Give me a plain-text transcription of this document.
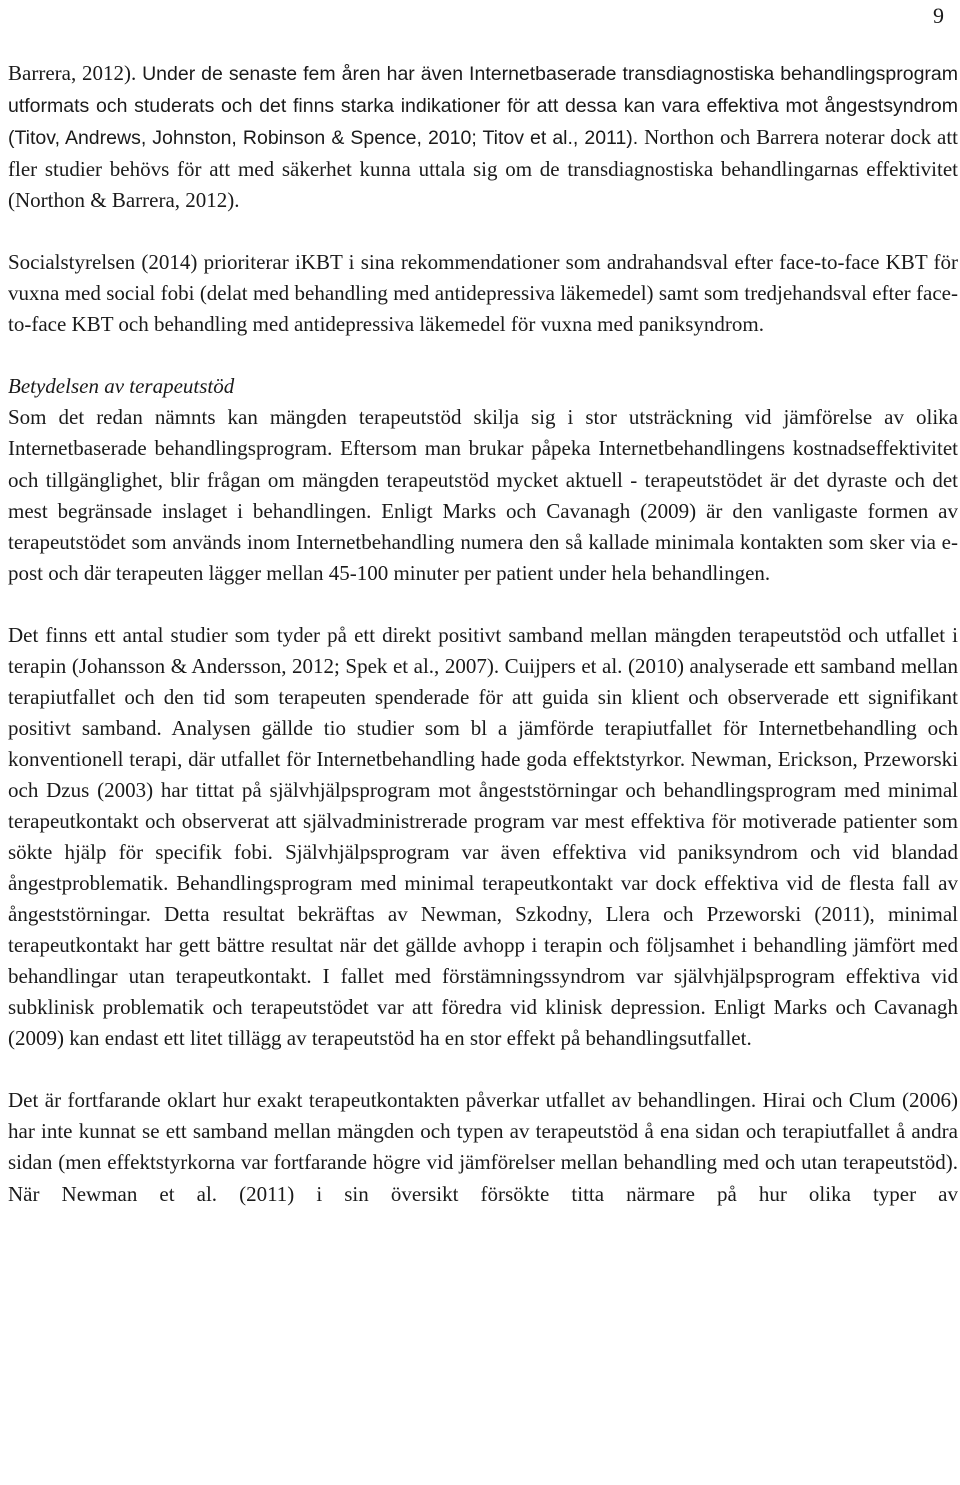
9

Barrera, 2012). Under de senaste fem åren har även Internetbaserade transdiagnostiska behandlingsprogram utformats och studerats och det finns starka indikationer för att dessa kan vara effektiva mot ångestsyndrom (Titov, Andrews, Johnston, Robinson & Spence, 2010; Titov et al., 2011). Northon och Barrera noterar dock att fler studier behövs för att med säkerhet kunna uttala sig om de transdiagnostiska behandlingarnas effektivitet (Northon & Barrera, 2012).

Socialstyrelsen (2014) prioriterar iKBT i sina rekommendationer som andrahandsval efter face-to-face KBT för vuxna med social fobi (delat med behandling med antidepressiva läkemedel) samt som tredjehandsval efter face-to-face KBT och behandling med antidepressiva läkemedel för vuxna med paniksyndrom.

Betydelsen av terapeutstöd

Som det redan nämnts kan mängden terapeutstöd skilja sig i stor utsträckning vid jämförelse av olika Internetbaserade behandlingsprogram. Eftersom man brukar påpeka Internetbehandlingens kostnadseffektivitet och tillgänglighet, blir frågan om mängden terapeutstöd mycket aktuell - terapeutstödet är det dyraste och det mest begränsade inslaget i behandlingen. Enligt Marks och Cavanagh (2009) är den vanligaste formen av terapeutstödet som används inom Internetbehandling numera den så kallade minimala kontakten som sker via e-post och där terapeuten lägger mellan 45-100 minuter per patient under hela behandlingen.

Det finns ett antal studier som tyder på ett direkt positivt samband mellan mängden terapeutstöd och utfallet i terapin (Johansson & Andersson, 2012; Spek et al., 2007). Cuijpers et al. (2010) analyserade ett samband mellan terapiutfallet och den tid som terapeuten spenderade för att guida sin klient och observerade ett signifikant positivt samband. Analysen gällde tio studier som bl a jämförde terapiutfallet för Internetbehandling och konventionell terapi, där utfallet för Internetbehandling hade goda effektstyrkor. Newman, Erickson, Przeworski och Dzus (2003) har tittat på självhjälpsprogram mot ångeststörningar och behandlingsprogram med minimal terapeutkontakt och observerat att självadministrerade program var mest effektiva för motiverade patienter som sökte hjälp för specifik fobi. Självhjälpsprogram var även effektiva vid paniksyndrom och vid blandad ångestproblematik. Behandlingsprogram med minimal terapeutkontakt var dock effektiva vid de flesta fall av ångeststörningar. Detta resultat bekräftas av Newman, Szkodny, Llera och Przeworski (2011), minimal terapeutkontakt har gett bättre resultat när det gällde avhopp i terapin och följsamhet i behandling jämfört med behandlingar utan terapeutkontakt. I fallet med förstämningssyndrom var självhjälpsprogram effektiva vid subklinisk problematik och terapeutstödet var att föredra vid klinisk depression. Enligt Marks och Cavanagh (2009) kan endast ett litet tillägg av terapeutstöd ha en stor effekt på behandlingsutfallet.

Det är fortfarande oklart hur exakt terapeutkontakten påverkar utfallet av behandlingen. Hirai och Clum (2006) har inte kunnat se ett samband mellan mängden och typen av terapeutstöd å ena sidan och terapiutfallet å andra sidan (men effektstyrkorna var fortfarande högre vid jämförelser mellan behandling med och utan terapeutstöd). När Newman et al. (2011) i sin översikt försökte titta närmare på hur olika typer av
